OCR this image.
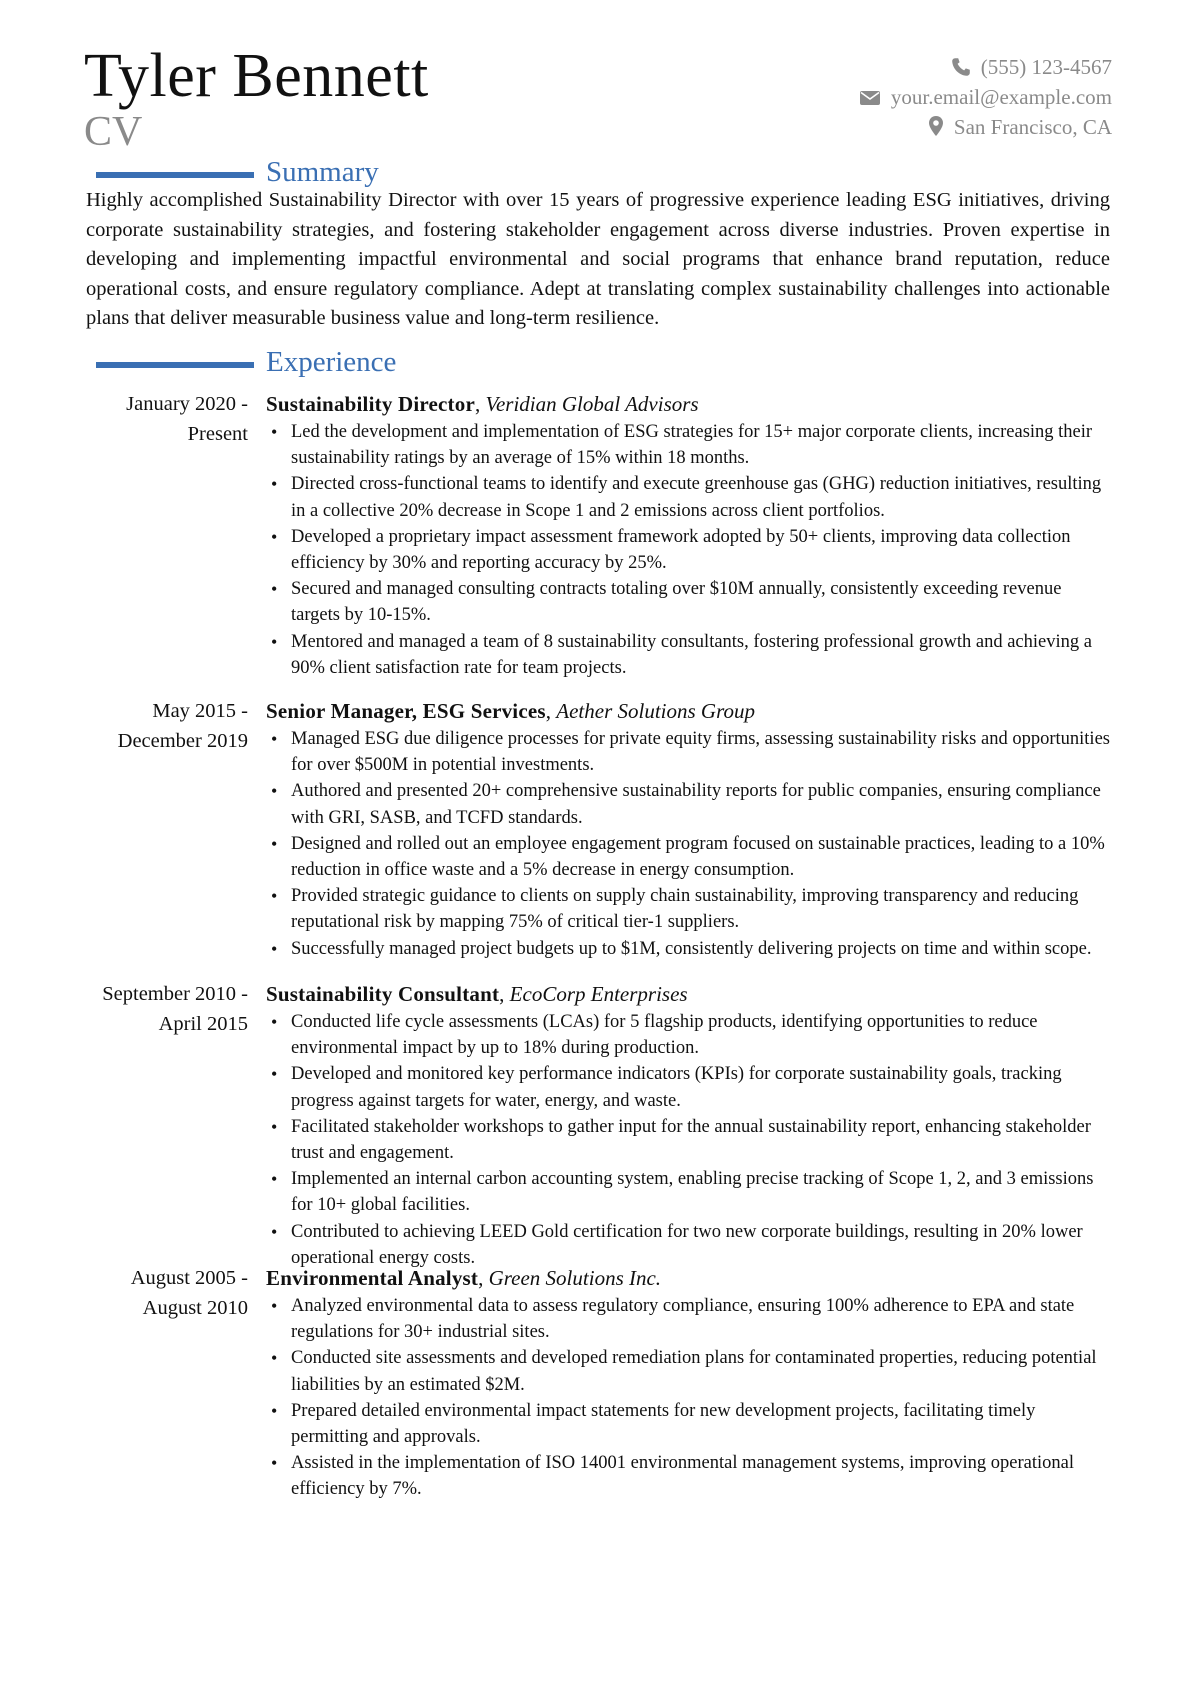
Tyler Bennett
CV
(555) 123-4567
your.email@example.com
San Francisco, CA
Summary

Highly accomplished Sustainability Director with over 15 years of progressive experience leading ESG initiatives, driving corporate sustainability strategies, and fostering stakeholder engagement across diverse industries. Proven expertise in developing and implementing impactful environmental and social programs that enhance brand reputation, reduce operational costs, and ensure regulatory compliance. Adept at translating complex sustainability challenges into actionable plans that deliver measurable business value and long-term resilience.

Experience
January 2020 - Present
Sustainability Director, Veridian Global Advisors
• Led the development and implementation of ESG strategies for 15+ major corporate clients, increasing their sustainability ratings by an average of 15% within 18 months.
• Directed cross-functional teams to identify and execute greenhouse gas (GHG) reduction initiatives, resulting in a collective 20% decrease in Scope 1 and 2 emissions across client portfolios.
• Developed a proprietary impact assessment framework adopted by 50+ clients, improving data collection efficiency by 30% and reporting accuracy by 25%.
• Secured and managed consulting contracts totaling over $10M annually, consistently exceeding revenue targets by 10-15%.
• Mentored and managed a team of 8 sustainability consultants, fostering professional growth and achieving a 90% client satisfaction rate for team projects.
May 2015 - December 2019
Senior Manager, ESG Services, Aether Solutions Group
• Managed ESG due diligence processes for private equity firms, assessing sustainability risks and opportunities for over $500M in potential investments.
• Authored and presented 20+ comprehensive sustainability reports for public companies, ensuring compliance with GRI, SASB, and TCFD standards.
• Designed and rolled out an employee engagement program focused on sustainable practices, leading to a 10% reduction in office waste and a 5% decrease in energy consumption.
• Provided strategic guidance to clients on supply chain sustainability, improving transparency and reducing reputational risk by mapping 75% of critical tier-1 suppliers.
• Successfully managed project budgets up to $1M, consistently delivering projects on time and within scope.
September 2010 - April 2015
Sustainability Consultant, EcoCorp Enterprises
• Conducted life cycle assessments (LCAs) for 5 flagship products, identifying opportunities to reduce environmental impact by up to 18% during production.
• Developed and monitored key performance indicators (KPIs) for corporate sustainability goals, tracking progress against targets for water, energy, and waste.
• Facilitated stakeholder workshops to gather input for the annual sustainability report, enhancing stakeholder trust and engagement.
• Implemented an internal carbon accounting system, enabling precise tracking of Scope 1, 2, and 3 emissions for 10+ global facilities.
• Contributed to achieving LEED Gold certification for two new corporate buildings, resulting in 20% lower operational energy costs.
August 2005 - August 2010
Environmental Analyst, Green Solutions Inc.
• Analyzed environmental data to assess regulatory compliance, ensuring 100% adherence to EPA and state regulations for 30+ industrial sites.
• Conducted site assessments and developed remediation plans for contaminated properties, reducing potential liabilities by an estimated $2M.
• Prepared detailed environmental impact statements for new development projects, facilitating timely permitting and approvals.
• Assisted in the implementation of ISO 14001 environmental management systems, improving operational efficiency by 7%.
